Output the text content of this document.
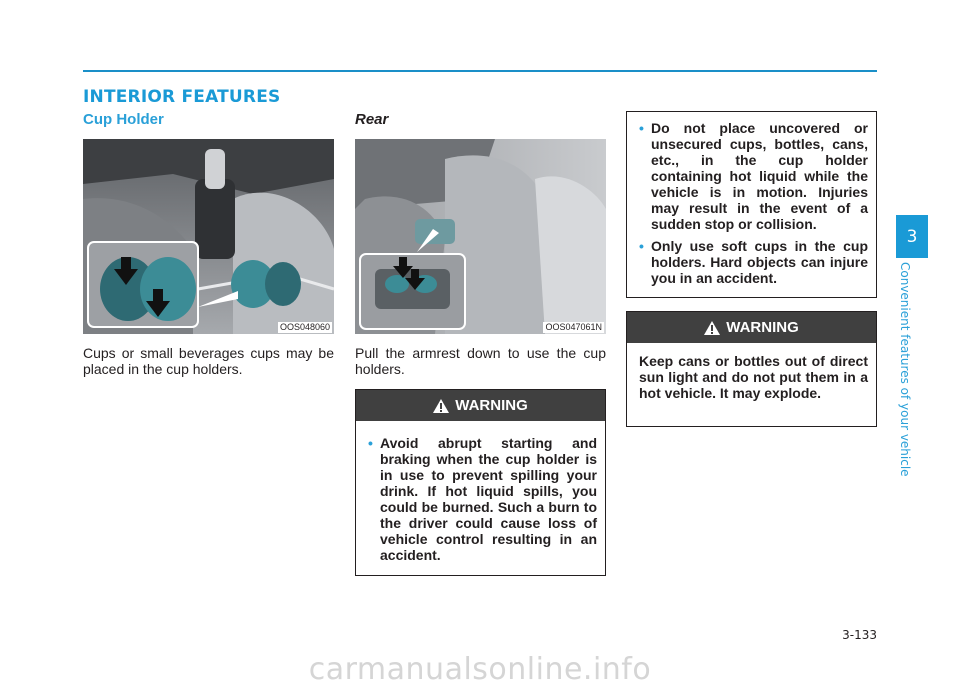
INTERIOR FEATURES
Cup Holder	Rear
OOS048060	OOS047061N
Cups or small beverages cups may be placed in the cup holders.
Pull the armrest down to use the cup holders.
WARNING
• Avoid abrupt starting and braking when the cup holder is in use to prevent spilling your drink. If hot liquid spills, you could be burned. Such a burn to the driver could cause loss of vehicle control resulting in an accident.
• Do not place uncovered or unsecured cups, bottles, cans, etc., in the cup holder containing hot liquid while the vehicle is in motion. Injuries may result in the event of a sudden stop or collision.
• Only use soft cups in the cup holders. Hard objects can injure you in an accident.
WARNING
Keep cans or bottles out of direct sun light and do not put them in a hot vehicle. It may explode.
3
Convenient features of your vehicle
3-133
carmanualsonline.info
